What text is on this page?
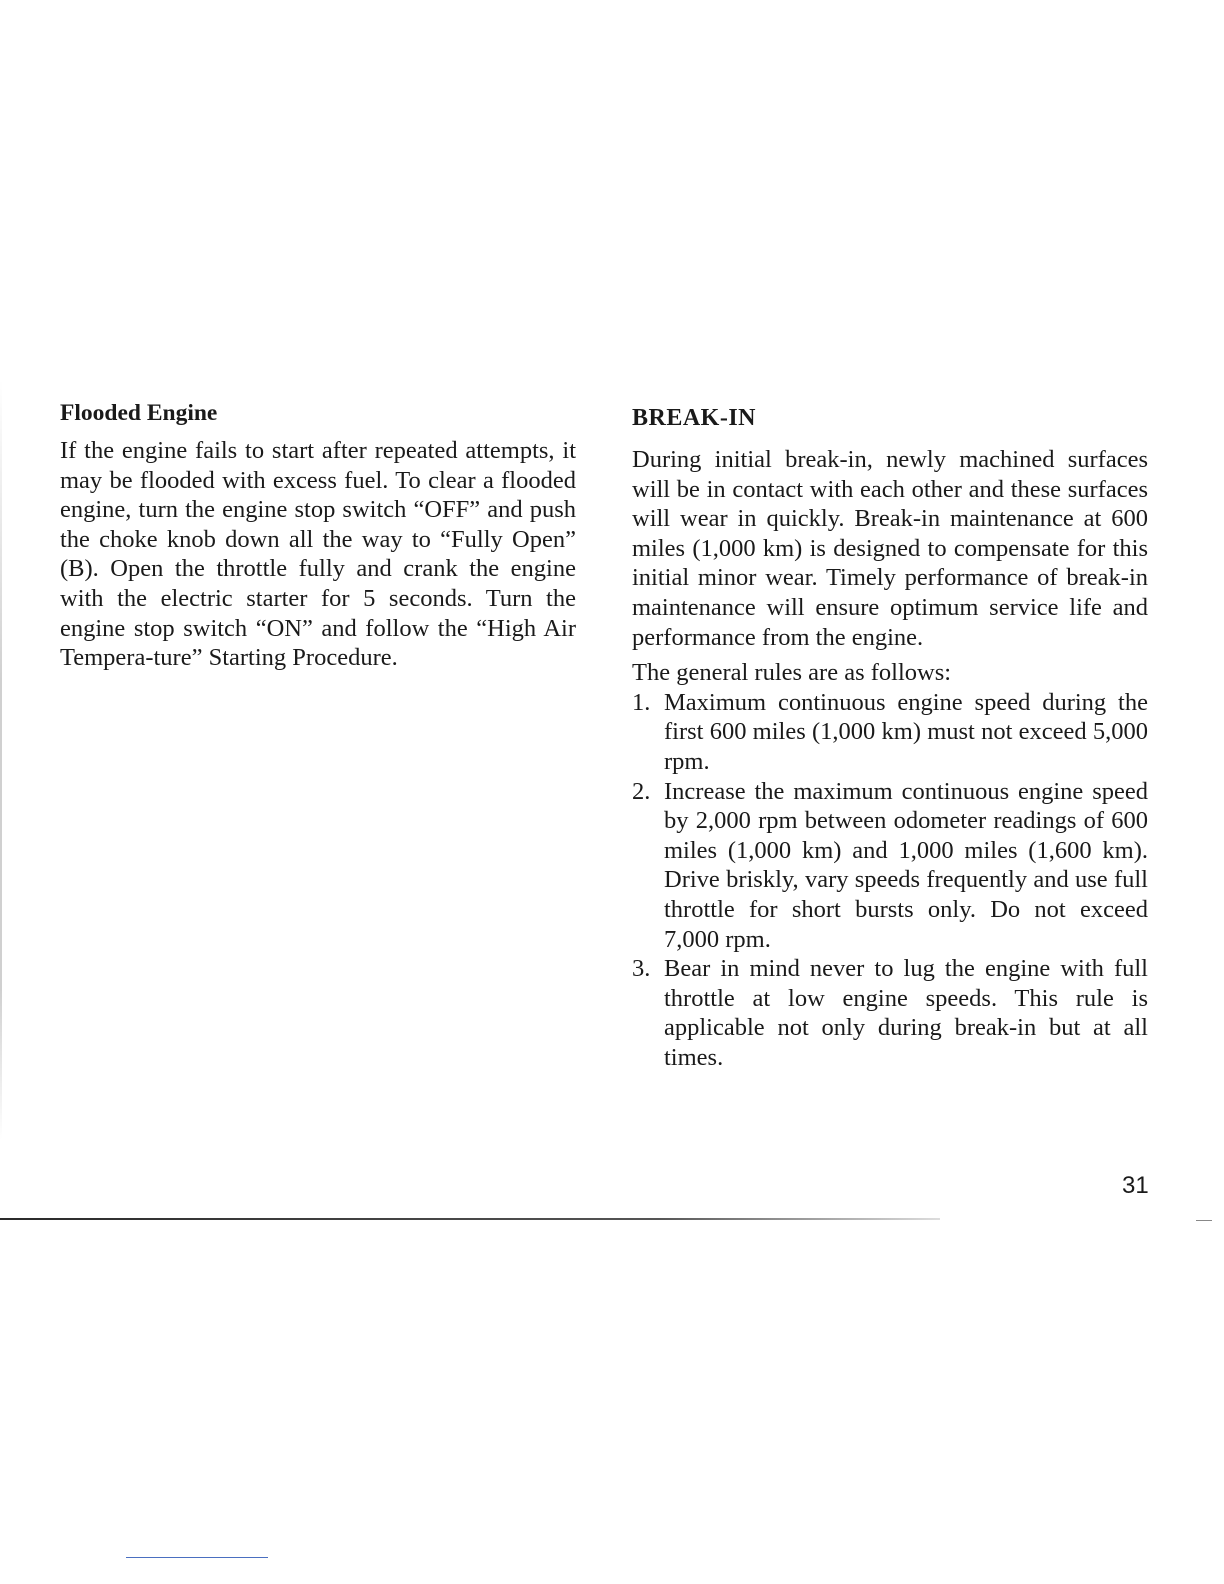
Flooded Engine

If the engine fails to start after repeated attempts, it may be flooded with excess fuel. To clear a flooded engine, turn the engine stop switch “OFF” and push the choke knob down all the way to “Fully Open” (B). Open the throttle fully and crank the engine with the electric starter for 5 seconds. Turn the engine stop switch “ON” and follow the “High Air Tempera-ture” Starting Procedure.

BREAK-IN

During initial break-in, newly machined surfaces will be in contact with each other and these surfaces will wear in quickly. Break-in maintenance at 600 miles (1,000 km) is designed to compensate for this initial minor wear. Timely performance of break-in maintenance will ensure optimum service life and performance from the engine.

The general rules are as follows:

1. Maximum continuous engine speed during the first 600 miles (1,000 km) must not exceed 5,000 rpm.
2. Increase the maximum continuous engine speed by 2,000 rpm between odometer readings of 600 miles (1,000 km) and 1,000 miles (1,600 km). Drive briskly, vary speeds frequently and use full throttle for short bursts only. Do not exceed 7,000 rpm.
3. Bear in mind never to lug the engine with full throttle at low engine speeds. This rule is applicable not only during break-in but at all times.
31
